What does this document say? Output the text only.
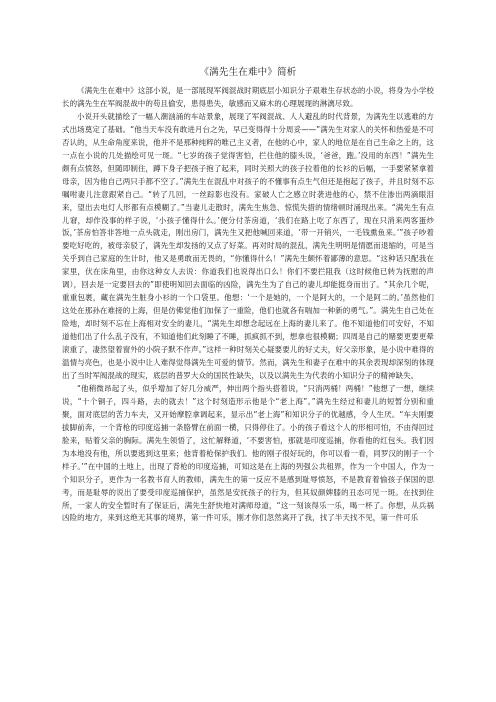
《满先生在难中》简析

《满先生在难中》这部小说，是一部展现军阀混战时期底层小知识分子艰难生存状态的小说，将身为小学校长的满先生在军阀混战中的苟且偷安，患得患失，敏感而又麻木的心理展现的淋漓尽致。

小说开头就描绘了一幅人潮汹涌的车站景象，展现了军阀混战、人人避乱的时代背景，为满先生以逃难的方式出场奠定了基础。“他当天车没有敢进月台之先，早已变得得十分周妥——”满先生对家人的关怀和热爱是不可否认的，从生命角度来说，他并不是那种纯粹的唯己主义者，在他的心中，家人的地位是在自己生命之上的，这一点在小说的几处描绘可见一斑。“七岁的孩子觉得害怕，拦住他的膝头说，‘爸爸，跑。’没用的东西！”满先生颇有点愤怒，但随即制住，蹲下身子把孩子抱了起来，同时关照大的孩子拉着他的长衫的后幅，一手要紧紧拿着母亲，因为他自己两只手都不空了。”满先生在混乱中对孩子的不懂事有点生气但还是抱起了孩子，并且时刻不忘嘱咐妻儿注意跟紧自己。“转了几回，一丝踪影也没有。家破人亡之感立时袭进他的心，禁不住渗出两滴眼泪来，望出去电灯人形都有点模糊了。”当妻儿走散时，满先生焦急、惊慌失措的情绪顿时涌现出来。“满先生有点儿窘，却作没事的样子说，‘小孩子懂得什么。’便分付茶房道，‘我们在路上吃了东西了，现在只消来两客蛋炒饭，’茶房怕答非答地一点头就走，刚出房门，满先生又把他喊回来道，‘带一开销兴，一毛钱熏鱼来。’”孩子吵着要吃好吃的，被母亲驳了，满先生却发扬的又点了好菜。再对时局的混乱，满先生明明是情愿而退缩的，可是当关乎到自己家庭的生计时，他又是勇敢而无畏的，“你懂得什么！”满先生颇怀着鄙薄的意思。“这种话只配我在家里，伏在床角里，由你这种女人去说：你道我们也说得出口么！你们不要拦阻我（这时候他已转为抚慰的声调），回去是一定要回去的”即使明知回去面临的凶险，满先生为了自己的妻儿却能挺身而出了。“其余几个呢，重重包裹，藏在满先生脏身小衫的一个口袋里。他想：‘一个是她的，一个是阿大的，一个是阿二的。’虽然他们这处在那孙在难接的上海，但是仿佛觉他们加保了一重险，他们也就各有喘加一种新的勇气。”。满先生自己处在险地，却时刻不忘在上海相对安全的妻儿，“满先生却想念起远在上海的妻儿来了。他不知道他们可安好，不知道他们出了什么乱子没有，不知道他们此刻睡了不睡，抓疯抓不到，想拿也很模糊；四周是自己的赌要更要更晕滚重了，凄然望着窗外的小院子默不作声。”这样一种时刻关心疑要要儿的好丈夫，好父亲形象，是小说中难得的温情与亮色，也是小说中让人难得觉得满先生可爱的情节。然而，满先生和妻子在难中的其余表现却深刻的体现出了当时军阀混战的现实，底层的普罗大众的国民性缺失，以及以满先生为代表的小知识分子的精神缺失。

“他稍微昂起了头，似乎增加了好几分威严，伸出两个指头搭着说，“只消两桶！两桶！”他想了一想，继续说，“十个铜子，四斗路，去的就去！”这个时刻造形示他是个“老上海”。”满先生经过和妻儿的短暂分别和重聚，面对底层的苦力车夫，又开始摩腔拿调起来，显示出“老上海”和知识分子的优越感，令人生厌。“车夫刚要拔脚前奔，一个背枪的印度巡捕一条胳臂在前面一横，只得停住了。小的孩子看这个人的形相可怕，不由得回过脸来，贴着父亲的胸际。满先生领悟了，这忙解释道，‘不要害怕，那就是印度巡捕，你看他的红包头。我们因为本地没有他，所以要逃到这里来；他背着枪保护我们。他的刚子很好玩的，你可以看一看，同罗汉的刚子一个样子。’”在中国的土地上，出现了背枪的印度巡捕，可知这是在上海的列强公共租界，作为一个中国人，作为一个知识分子，更作为一名教书育人的教师，满先生的第一反应不是感到耻辱愤怒，不是教育着愉孩子保国的思考，而是耻辱的说出了要受印度巡捕保护，虽然是安抚孩子的行为，但其奴颜婢膝的丑态可见一斑。在找到住所，一家人的安全暂时有了保证后，满先生舒快地对满师母道，“这一刻该得乐一乐，喝一杯了。你想，从兵祸凶险的地方，来到这绝无其事的境界，第一件可乐，刚才你们忽然离开了我，找了半天找不见，第一件可乐
